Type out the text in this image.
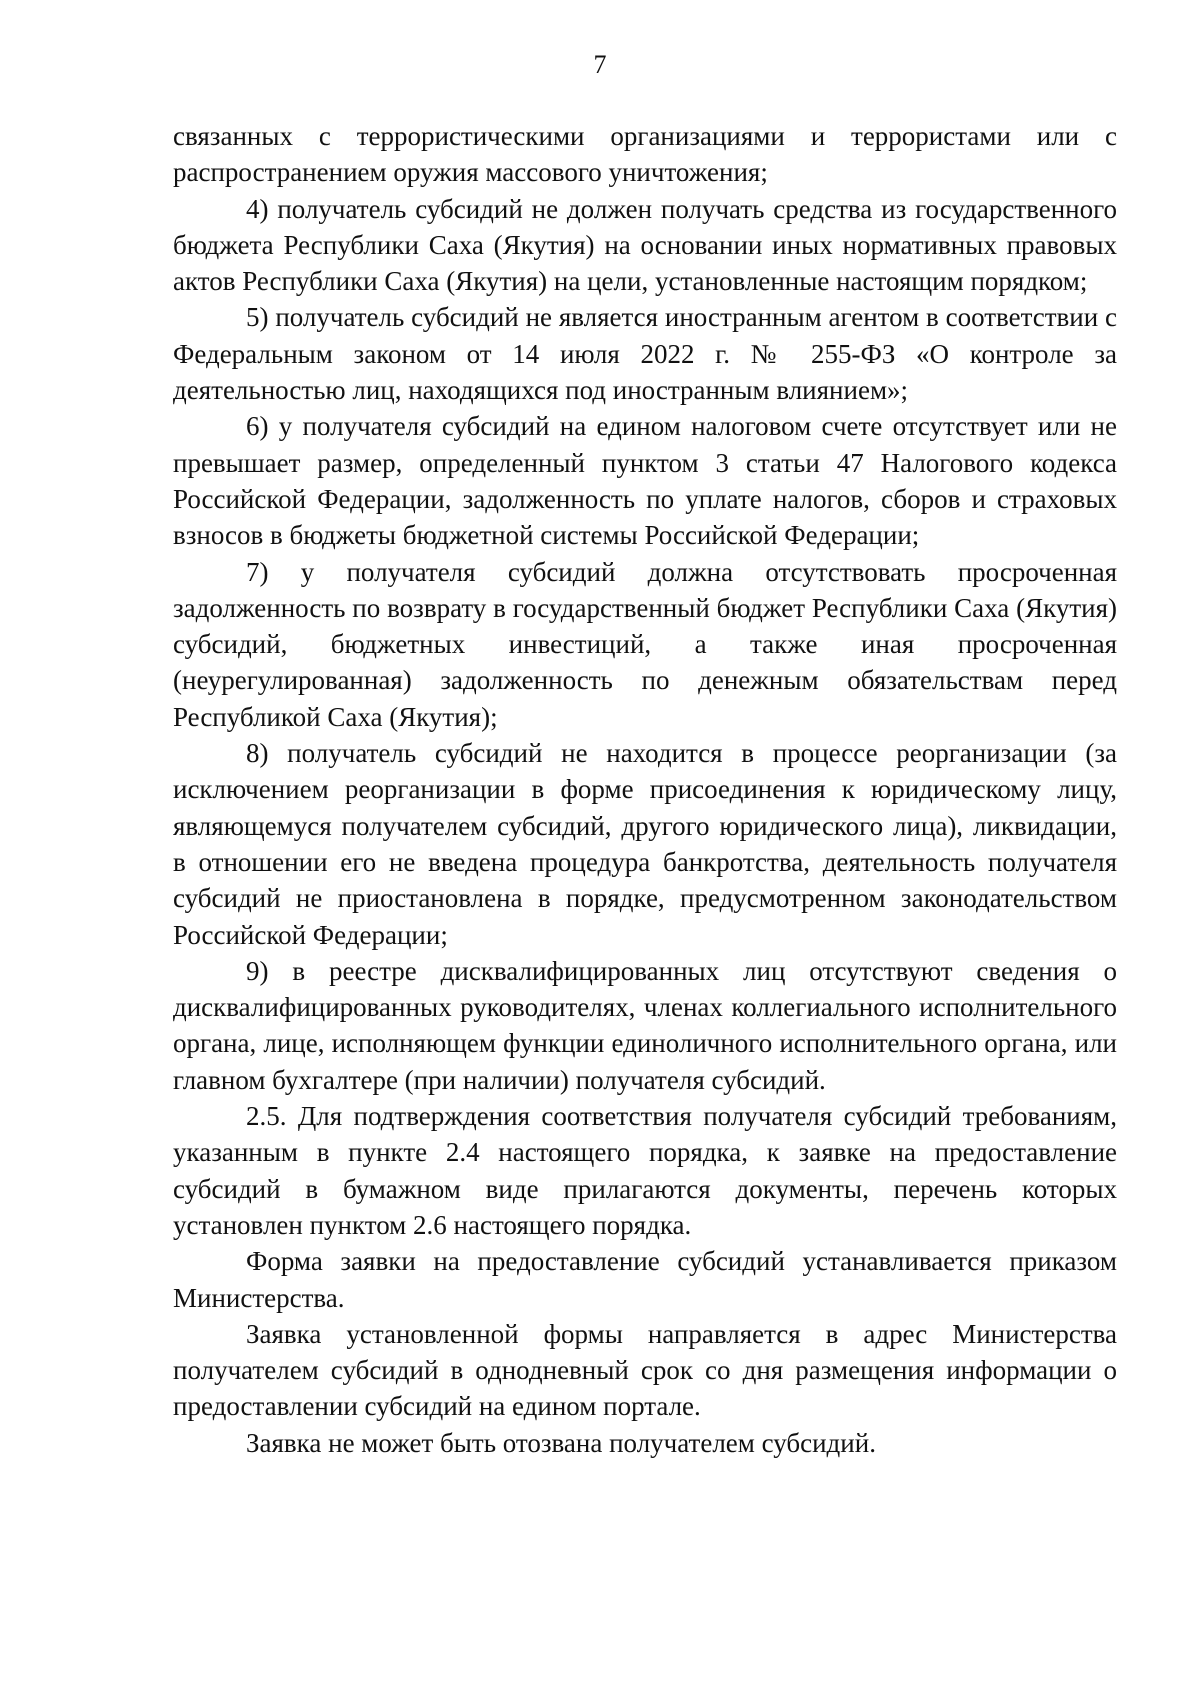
7

связанных с террористическими организациями и террористами или с распространением оружия массового уничтожения;

4) получатель субсидий не должен получать средства из государственного бюджета Республики Саха (Якутия) на основании иных нормативных правовых актов Республики Саха (Якутия) на цели, установленные настоящим порядком;

5) получатель субсидий не является иностранным агентом в соответствии с Федеральным законом от 14 июля 2022 г. № 255-ФЗ «О контроле за деятельностью лиц, находящихся под иностранным влиянием»;

6) у получателя субсидий на едином налоговом счете отсутствует или не превышает размер, определенный пунктом 3 статьи 47 Налогового кодекса Российской Федерации, задолженность по уплате налогов, сборов и страховых взносов в бюджеты бюджетной системы Российской Федерации;

7) у получателя субсидий должна отсутствовать просроченная задолженность по возврату в государственный бюджет Республики Саха (Якутия) субсидий, бюджетных инвестиций, а также иная просроченная (неурегулированная) задолженность по денежным обязательствам перед Республикой Саха (Якутия);

8) получатель субсидий не находится в процессе реорганизации (за исключением реорганизации в форме присоединения к юридическому лицу, являющемуся получателем субсидий, другого юридического лица), ликвидации, в отношении его не введена процедура банкротства, деятельность получателя субсидий не приостановлена в порядке, предусмотренном законодательством Российской Федерации;

9) в реестре дисквалифицированных лиц отсутствуют сведения о дисквалифицированных руководителях, членах коллегиального исполнительного органа, лице, исполняющем функции единоличного исполнительного органа, или главном бухгалтере (при наличии) получателя субсидий.

2.5. Для подтверждения соответствия получателя субсидий требованиям, указанным в пункте 2.4 настоящего порядка, к заявке на предоставление субсидий в бумажном виде прилагаются документы, перечень которых установлен пунктом 2.6 настоящего порядка.

Форма заявки на предоставление субсидий устанавливается приказом Министерства.

Заявка установленной формы направляется в адрес Министерства получателем субсидий в однодневный срок со дня размещения информации о предоставлении субсидий на едином портале.

Заявка не может быть отозвана получателем субсидий.
